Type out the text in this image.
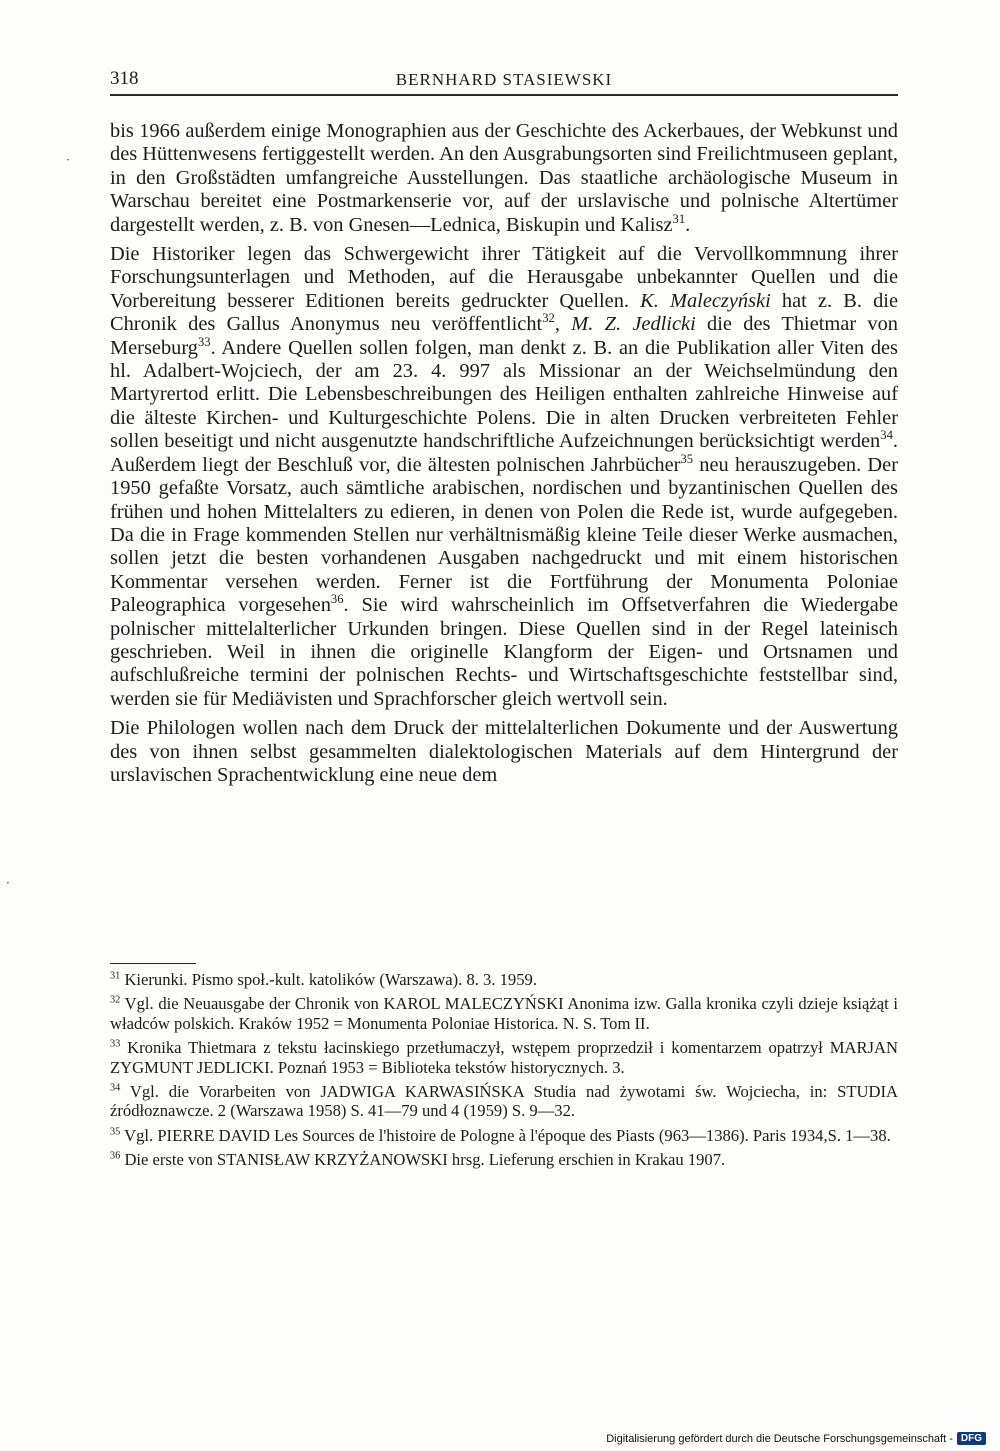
318	BERNHARD STASIEWSKI
·
·

bis 1966 außerdem einige Monographien aus der Geschichte des Ackerbaues, der Webkunst und des Hüttenwesens fertiggestellt werden. An den Ausgrabungsorten sind Freilichtmuseen geplant, in den Großstädten umfangreiche Ausstellungen. Das staatliche archäologische Museum in Warschau bereitet eine Postmarkenserie vor, auf der urslavische und polnische Altertümer dargestellt werden, z. B. von Gnesen—Lednica, Biskupin und Kalisz$^{31}$.

Die Historiker legen das Schwergewicht ihrer Tätigkeit auf die Vervollkommnung ihrer Forschungsunterlagen und Methoden, auf die Herausgabe unbekannter Quellen und die Vorbereitung besserer Editionen bereits gedruckter Quellen. K. Maleczyński hat z. B. die Chronik des Gallus Anonymus neu veröffentlicht$^{32}$, M. Z. Jedlicki die des Thietmar von Merseburg$^{33}$. Andere Quellen sollen folgen, man denkt z. B. an die Publikation aller Viten des hl. Adalbert-Wojciech, der am 23. 4. 997 als Missionar an der Weichselmündung den Martyrertod erlitt. Die Lebensbeschreibungen des Heiligen enthalten zahlreiche Hinweise auf die älteste Kirchen- und Kulturgeschichte Polens. Die in alten Drucken verbreiteten Fehler sollen beseitigt und nicht ausgenutzte handschriftliche Aufzeichnungen berücksichtigt werden$^{34}$. Außerdem liegt der Beschluß vor, die ältesten polnischen Jahrbücher$^{35}$ neu herauszugeben. Der 1950 gefaßte Vorsatz, auch sämtliche arabischen, nordischen und byzantinischen Quellen des frühen und hohen Mittelalters zu edieren, in denen von Polen die Rede ist, wurde aufgegeben. Da die in Frage kommenden Stellen nur verhältnismäßig kleine Teile dieser Werke ausmachen, sollen jetzt die besten vorhandenen Ausgaben nachgedruckt und mit einem historischen Kommentar versehen werden. Ferner ist die Fortführung der Monumenta Poloniae Paleographica vorgesehen$^{36}$. Sie wird wahrscheinlich im Offsetverfahren die Wiedergabe polnischer mittelalterlicher Urkunden bringen. Diese Quellen sind in der Regel lateinisch geschrieben. Weil in ihnen die originelle Klangform der Eigen- und Ortsnamen und aufschlußreiche termini der polnischen Rechts- und Wirtschaftsgeschichte feststellbar sind, werden sie für Mediävisten und Sprachforscher gleich wertvoll sein.

Die Philologen wollen nach dem Druck der mittelalterlichen Dokumente und der Auswertung des von ihnen selbst gesammelten dialektologischen Materials auf dem Hintergrund der urslavischen Sprachentwicklung eine neue dem

$^{31}$ Kierunki. Pismo społ.-kult. katolików (Warszawa). 8. 3. 1959.
$^{32}$ Vgl. die Neuausgabe der Chronik von KAROL MALECZYŃSKI Anonima izw. Galla kronika czyli dzieje książąt i władców polskich. Kraków 1952 = Monumenta Poloniae Historica. N. S. Tom II.
$^{33}$ Kronika Thietmara z tekstu łacinskiego przetłumaczył, wstępem proprzedził i komentarzem opatrzył MARJAN ZYGMUNT JEDLICKI. Poznań 1953 = Biblioteka tekstów historycznych. 3.
$^{34}$ Vgl. die Vorarbeiten von JADWIGA KARWASIŃSKA Studia nad żywotami św. Wojciecha, in: STUDIA źródłoznawcze. 2 (Warszawa 1958) S. 41—79 und 4 (1959) S. 9—32.
$^{35}$ Vgl. PIERRE DAVID Les Sources de l'histoire de Pologne à l'époque des Piasts (963—1386). Paris 1934,S. 1—38.
$^{36}$ Die erste von STANISŁAW KRZYŻANOWSKI hrsg. Lieferung erschien in Krakau 1907.
Digitalisierung gefördert durch die Deutsche Forschungsgemeinschaft - DFG
